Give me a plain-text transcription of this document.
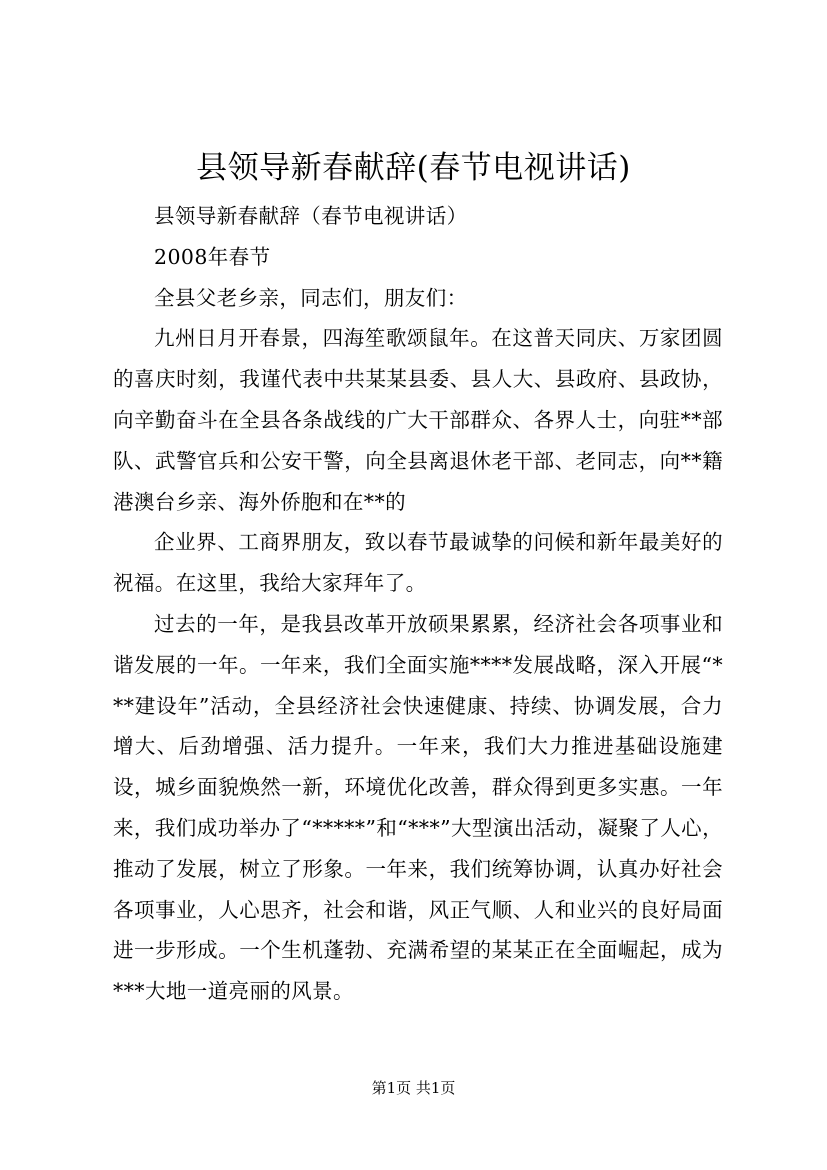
县领导新春献辞(春节电视讲话)

县领导新春献辞（春节电视讲话）

2008年春节

全县父老乡亲，同志们，朋友们：

九州日月开春景，四海笙歌颂鼠年。在这普天同庆、万家团圆的喜庆时刻，我谨代表中共某某县委、县人大、县政府、县政协，向辛勤奋斗在全县各条战线的广大干部群众、各界人士，向驻**部队、武警官兵和公安干警，向全县离退休老干部、老同志，向**籍港澳台乡亲、海外侨胞和在**的

企业界、工商界朋友，致以春节最诚挚的问候和新年最美好的祝福。在这里，我给大家拜年了。

过去的一年，是我县改革开放硕果累累，经济社会各项事业和谐发展的一年。一年来，我们全面实施****发展战略，深入开展“***建设年”活动，全县经济社会快速健康、持续、协调发展，合力增大、后劲增强、活力提升。一年来，我们大力推进基础设施建设，城乡面貌焕然一新，环境优化改善，群众得到更多实惠。一年来，我们成功举办了“*****”和“***”大型演出活动，凝聚了人心，推动了发展，树立了形象。一年来，我们统筹协调，认真办好社会各项事业，人心思齐，社会和谐，风正气顺、人和业兴的良好局面进一步形成。一个生机蓬勃、充满希望的某某正在全面崛起，成为***大地一道亮丽的风景。

第1页 共1页
